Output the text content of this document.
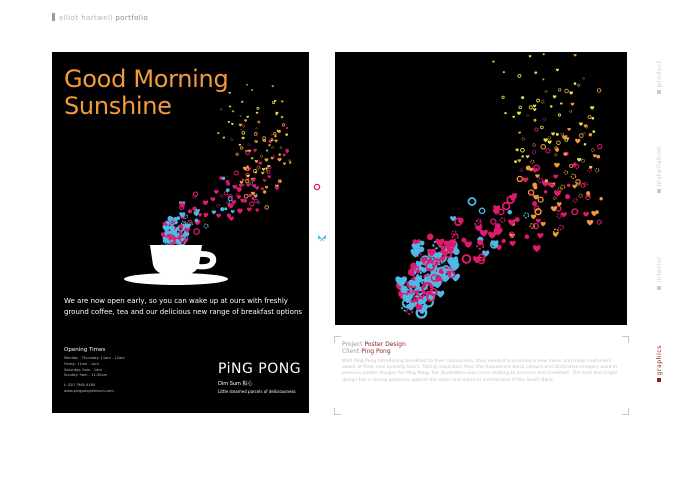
elliot hartwell portfolio
Good Morning
Sunshine
We are now open early, so you can wake up at ours with freshly ground coffee, tea and our delicious new range of breakfast options
Opening Times
Monday - Thursday: 11am - 12am
Friday: 11am - 1am
Saturday: 9am - 1am
Sunday: 9am - 11:30pm
t: 020 7960 4160
www.pingpongdimsum.com
PiNG PONG
Dim Sum 點心
Little steamed parcels of deliciousness
Project Poster Design
Client Ping Pong
With Ping Pong introducing breakfast to their restaurants, they needed to promote a new menu and make customers aware of their new opening hours. Taking inspiration from the fluorescent block colours and illustrative imagery used in previous poster designs for Ping Pong, the illustration uses icons relating to summer and breakfast. The bold and bright design has a strong presence against the clean and minimal architecture of the South Bank.
product
installation
interior
graphics
